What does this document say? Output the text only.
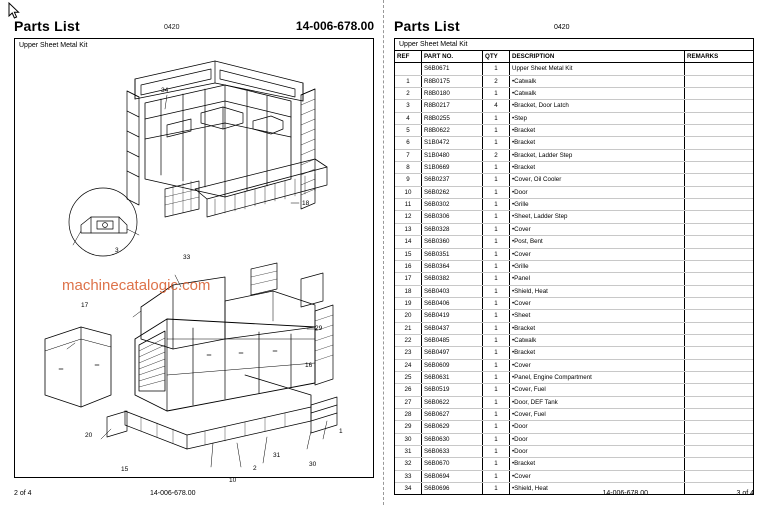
Parts List	0420	14-006-678.00
Upper Sheet Metal Kit
34
18
3
33
17
29
16
20
15
10
31
30
2
1
machinecatalogic.com
2 of 4	14-006-678.00
Parts List	0420
Upper Sheet Metal Kit
REF	PART NO.	QTY	DESCRIPTION	REMARKS
	S6B0671	1	Upper Sheet Metal Kit	
1	R8B0175	2	•Catwalk	
2	R8B0180	1	•Catwalk	
3	R8B0217	4	•Bracket, Door Latch	
4	R8B0255	1	•Step	
5	R8B0622	1	•Bracket	
6	S1B0472	1	•Bracket	
7	S1B0480	2	•Bracket, Ladder Step	
8	S1B0669	1	•Bracket	
9	S6B0237	1	•Cover, Oil Cooler	
10	S6B0262	1	•Door	
11	S6B0302	1	•Grille	
12	S6B0306	1	•Sheet, Ladder Step	
13	S6B0328	1	•Cover	
14	S6B0360	1	•Post, Bent	
15	S6B0351	1	•Cover	
16	S6B0364	1	•Grille	
17	S6B0382	1	•Panel	
18	S6B0403	1	•Shield, Heat	
19	S6B0406	1	•Cover	
20	S6B0419	1	•Sheet	
21	S6B0437	1	•Bracket	
22	S6B0485	1	•Catwalk	
23	S6B0497	1	•Bracket	
24	S6B0609	1	•Cover	
25	S6B0631	1	•Panel, Engine Compartment	
26	S6B0519	1	•Cover, Fuel	
27	S6B0622	1	•Door, DEF Tank	
28	S6B0627	1	•Cover, Fuel	
29	S6B0629	1	•Door	
30	S6B0630	1	•Door	
31	S6B0633	1	•Door	
32	S6B0670	1	•Bracket	
33	S6B0694	1	•Cover	
34	S6B0696	1	•Shield, Heat	
14-006-678.00	3 of 4
